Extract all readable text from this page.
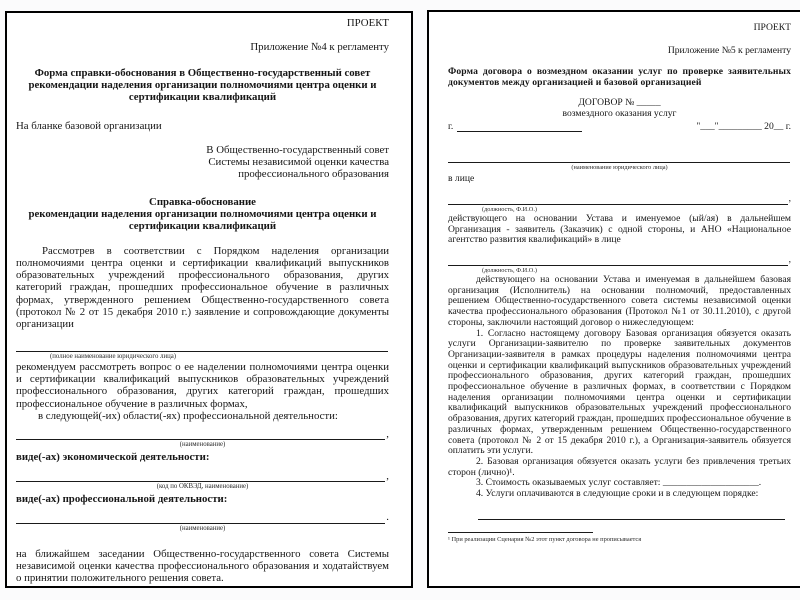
ПРОЕКТ
Приложение №4 к регламенту
Форма справки-обоснования в Общественно-государственный совет рекомендации наделения организации полномочиями центра оценки и сертификации квалификаций
На бланке базовой организации
В Общественно-государственный совет
Системы независимой оценки качества
профессионального образования
Справка-обоснование
рекомендации наделения организации полномочиями центра оценки и сертификации квалификаций

Рассмотрев в соответствии с Порядком наделения организации полномочиями центра оценки и сертификации квалификаций выпускников образовательных учреждений профессионального образования, других категорий граждан, прошедших профессиональное обучение в различных формах, утвержденного решением Общественно-государственного совета (протокол № 2 от 15 декабря 2010 г.) заявление и сопровождающие документы организации

(полное наименование юридического лица)

рекомендуем рассмотреть вопрос о ее наделении полномочиями центра оценки и сертификации квалификаций выпускников образовательных учреждений профессионального образования, других категорий граждан, прошедших профессиональное обучение в различных формах,

в следующей(-их) области(-ях) профессиональной деятельности:
,
(наименование)
виде(-ах) экономической деятельности:
,
(код по ОКВЭД, наименование)
виде(-ах) профессиональной деятельности:
.
(наименование)

на ближайшем заседании Общественно-государственного совета Системы независимой оценки качества профессионального образования и ходатайствуем о принятии положительного решения совета.

ПРОЕКТ
Приложение №5 к регламенту
Форма договора о возмездном оказании услуг по проверке заявительных документов между организацией и базовой организацией
ДОГОВОР № _____
возмездного оказания услуг
г.	"___"_________ 20__ г.
(наименование юридического лица)
в лице
,
(должность, Ф.И.О.)

действующего на основании Устава и именуемое (ый/ая) в дальнейшем Организация - заявитель (Заказчик) с одной стороны, и АНО «Национальное агентство развития квалификаций» в лице

,
(должность, Ф.И.О.)

действующего на основании Устава и именуемая в дальнейшем базовая организация (Исполнитель) на основании полномочий, предоставленных решением Общественно-государственного совета системы независимой оценки качества профессионального образования (Протокол №1 от 30.11.2010), с другой стороны, заключили настоящий договор о нижеследующем:

1. Согласно настоящему договору Базовая организация обязуется оказать услуги Организации-заявителю по проверке заявительных документов Организации-заявителя в рамках процедуры наделения полномочиями центра оценки и сертификации квалификаций выпускников образовательных учреждений профессионального образования, других категорий граждан, прошедших профессиональное обучение в различных формах, в соответствии с Порядком наделения организации полномочиями центра оценки и сертификации квалификаций выпускников образовательных учреждений профессионального образования, других категорий граждан, прошедших профессиональное обучение в различных формах, утвержденным решением Общественно-государственного совета (протокол № 2 от 15 декабря 2010 г.), а Организация-заявитель обязуется оплатить эти услуги.

2. Базовая организация обязуется оказать услуги без привлечения третьих сторон (лично)¹.

3. Стоимость оказываемых услуг составляет: ____________________.

4. Услуги оплачиваются в следующие сроки и в следующем порядке:

¹ При реализации Сценария №2 этот пункт договора не прописывается
